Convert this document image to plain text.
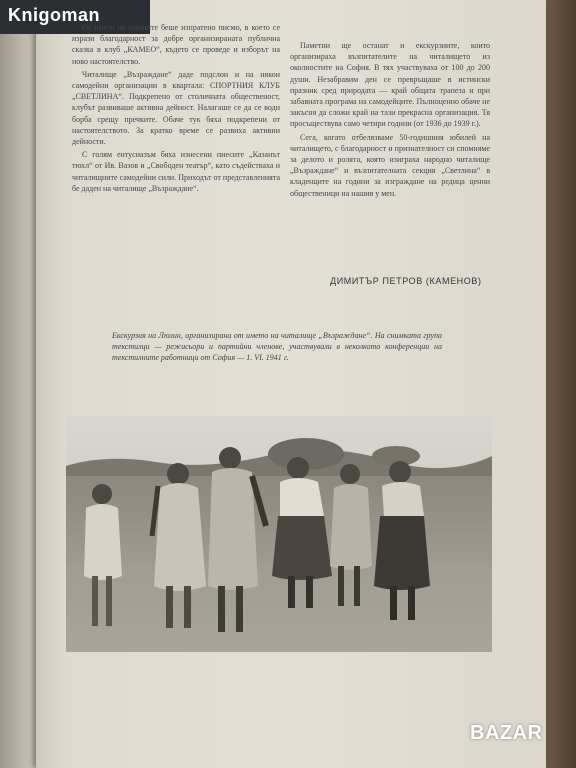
Knigoman

От името на ковачите беше изпратено писмо, в което се изрази благодарност за добре организираната публична сказка в клуб „КАМЕО“, където се проведе и изборът на ново настоятелство.

Читалище „Възраждане“ даде подслон и на някои самодейни организации в квартала: СПОРТНИЯ КЛУБ „СВЕТЛИНА“. Подкрепено от столичната общественост, клубът развиваше активна дейност. Налагаше се да се води борба срещу пречките. Обаче тук бяха подкрепени от настоятелството. За кратко време се развиха активни дейности.

С голям ентусиазъм бяха изнесени пиесите „Казанът тюхл“ от Ив. Вазов и „Свободен театър“, като съдействаха и читалищните самодейни сили. Приходът от представленията бе даден на читалище „Възраждане“.

Паметни ще останат и екскурзиите, които организираха възпитателите на читалището из околностите на София. В тях участвуваха от 100 до 200 души. Незабравим ден се превръщаше в истински празник сред природата — край общата трапеза и при забавната програма на самодейците. Пълноценно обаче не закъсня да сложи край на тази прекрасна организация. Тя просъществува само четири години (от 1936 до 1939 г.).

Сега, когато отбелязваме 50-годишния юбилей на читалището, с благодарност и признателност си спомняме за делото и ролята, която изиграха народно читалище „Възраждане“ и възпитателната секция „Светлина“ в кладенците на години за изграждане на редица ценни общественици на нашия у мен.

ДИМИТЪР ПЕТРОВ (КАМЕНОВ)
Екскурзия на Люлин, организирана от името на читалище „Възраждане“. На снимката група текстилци — режисьори и партийни членове, участвували в неколкото конференции на текстилните работници от София — 1. VI. 1941 г.
BAZAR
